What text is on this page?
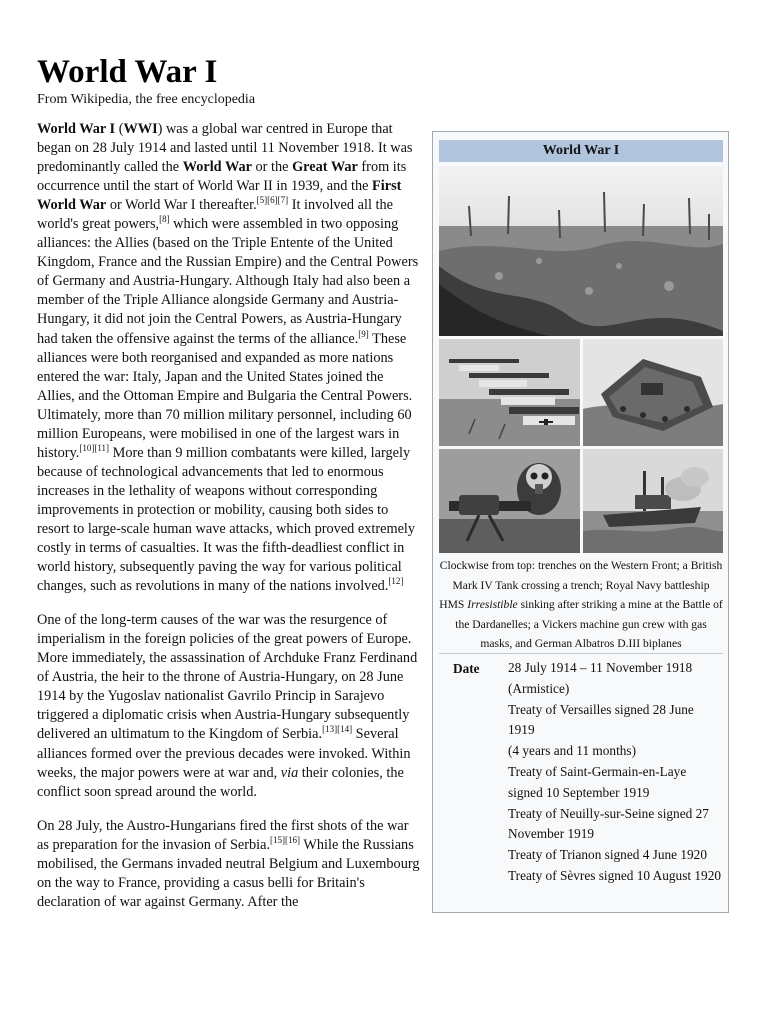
World War I
From Wikipedia, the free encyclopedia

World War I (WWI) was a global war centred in Europe that began on 28 July 1914 and lasted until 11 November 1918. It was predominantly called the World War or the Great War from its occurrence until the start of World War II in 1939, and the First World War or World War I thereafter.[5][6][7] It involved all the world's great powers,[8] which were assembled in two opposing alliances: the Allies (based on the Triple Entente of the United Kingdom, France and the Russian Empire) and the Central Powers of Germany and Austria-Hungary. Although Italy had also been a member of the Triple Alliance alongside Germany and Austria-Hungary, it did not join the Central Powers, as Austria-Hungary had taken the offensive against the terms of the alliance.[9] These alliances were both reorganised and expanded as more nations entered the war: Italy, Japan and the United States joined the Allies, and the Ottoman Empire and Bulgaria the Central Powers. Ultimately, more than 70 million military personnel, including 60 million Europeans, were mobilised in one of the largest wars in history.[10][11] More than 9 million combatants were killed, largely because of technological advancements that led to enormous increases in the lethality of weapons without corresponding improvements in protection or mobility, causing both sides to resort to large-scale human wave attacks, which proved extremely costly in terms of casualties. It was the fifth-deadliest conflict in world history, subsequently paving the way for various political changes, such as revolutions in many of the nations involved.[12]

One of the long-term causes of the war was the resurgence of imperialism in the foreign policies of the great powers of Europe. More immediately, the assassination of Archduke Franz Ferdinand of Austria, the heir to the throne of Austria-Hungary, on 28 June 1914 by the Yugoslav nationalist Gavrilo Princip in Sarajevo triggered a diplomatic crisis when Austria-Hungary subsequently delivered an ultimatum to the Kingdom of Serbia.[13][14] Several alliances formed over the previous decades were invoked. Within weeks, the major powers were at war and, via their colonies, the conflict soon spread around the world.

On 28 July, the Austro-Hungarians fired the first shots of the war as preparation for the invasion of Serbia.[15][16] While the Russians mobilised, the Germans invaded neutral Belgium and Luxembourg on the way to France, providing a casus belli for Britain's declaration of war against Germany. After the

World War I
Clockwise from top: trenches on the Western Front; a British Mark IV Tank crossing a trench; Royal Navy battleship HMS Irresistible sinking after striking a mine at the Battle of the Dardanelles; a Vickers machine gun crew with gas masks, and German Albatros D.III biplanes
Date 28 July 1914 – 11 November 1918
(Armistice)
Treaty of Versailles signed 28 June 1919
(4 years and 11 months)
Treaty of Saint-Germain-en-Laye signed 10 September 1919
Treaty of Neuilly-sur-Seine signed 27 November 1919
Treaty of Trianon signed 4 June 1920
Treaty of Sèvres signed 10 August 1920
